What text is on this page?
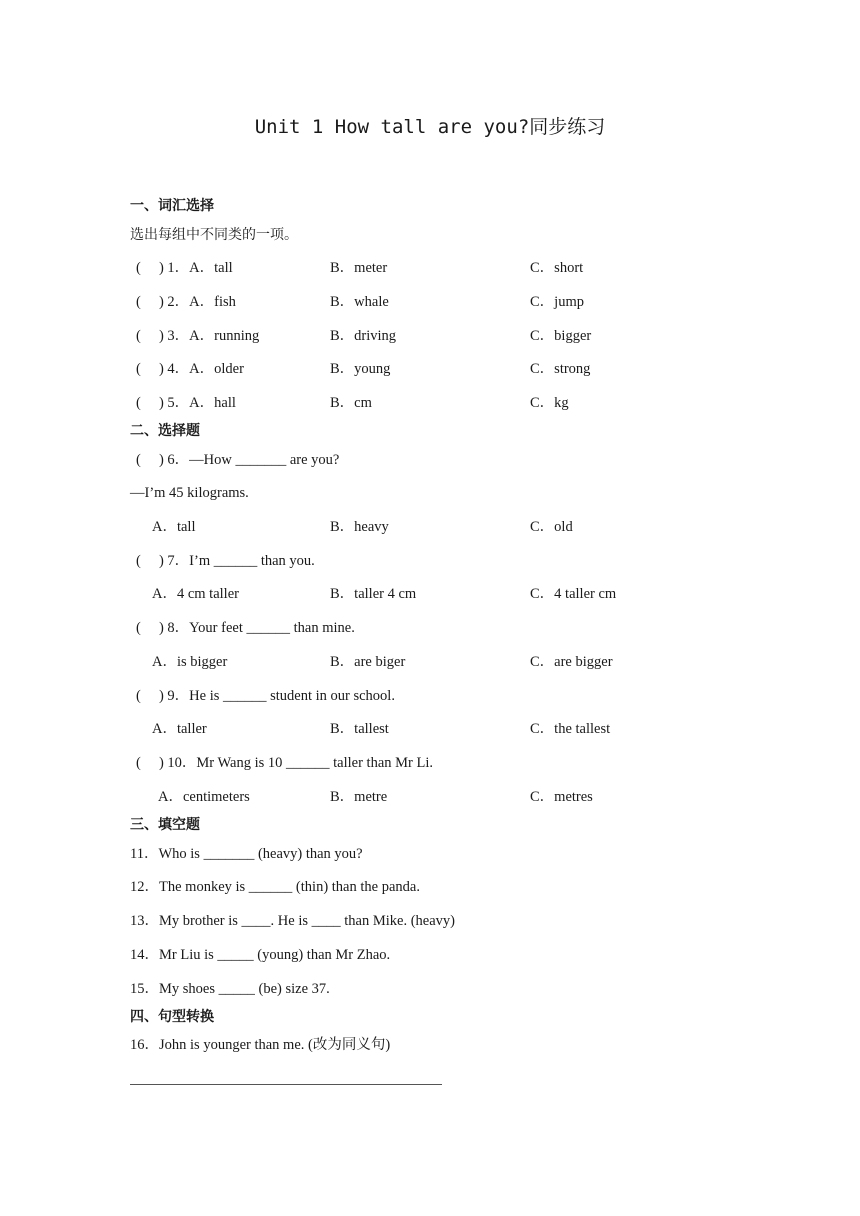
Unit 1 How tall are you?同步练习
一、词汇选择
选出每组中不同类的一项。
(　 ) 1．A．tall	B．meter	C．short
(　 ) 2．A．fish	B．whale	C．jump
(　 ) 3．A．running	B．driving	C．bigger
(　 ) 4．A．older	B．young	C．strong
(　 ) 5．A．hall	B．cm	C．kg
二、选择题
(　 ) 6．—How _______ are you?
—I’m 45 kilograms.
A．tall	B．heavy	C．old
(　 ) 7．I’m ______ than you.
A．4 cm taller	B．taller 4 cm	C．4 taller cm
(　 ) 8．Your feet ______ than mine.
A．is bigger	B．are biger	C．are bigger
(　 ) 9．He is ______ student in our school.
A．taller	B．tallest	C．the tallest
(　 ) 10．Mr Wang is 10 ______ taller than Mr Li.
A．centimeters	B．metre	C．metres
三、填空题
11．Who is _______ (heavy) than you?
12．The monkey is ______ (thin) than the panda.
13．My brother is ____. He is ____ than Mike. (heavy)
14．Mr Liu is _____ (young) than Mr Zhao.
15．My shoes _____ (be) size 37.
四、句型转换
16．John is younger than me. (改为同义句)
